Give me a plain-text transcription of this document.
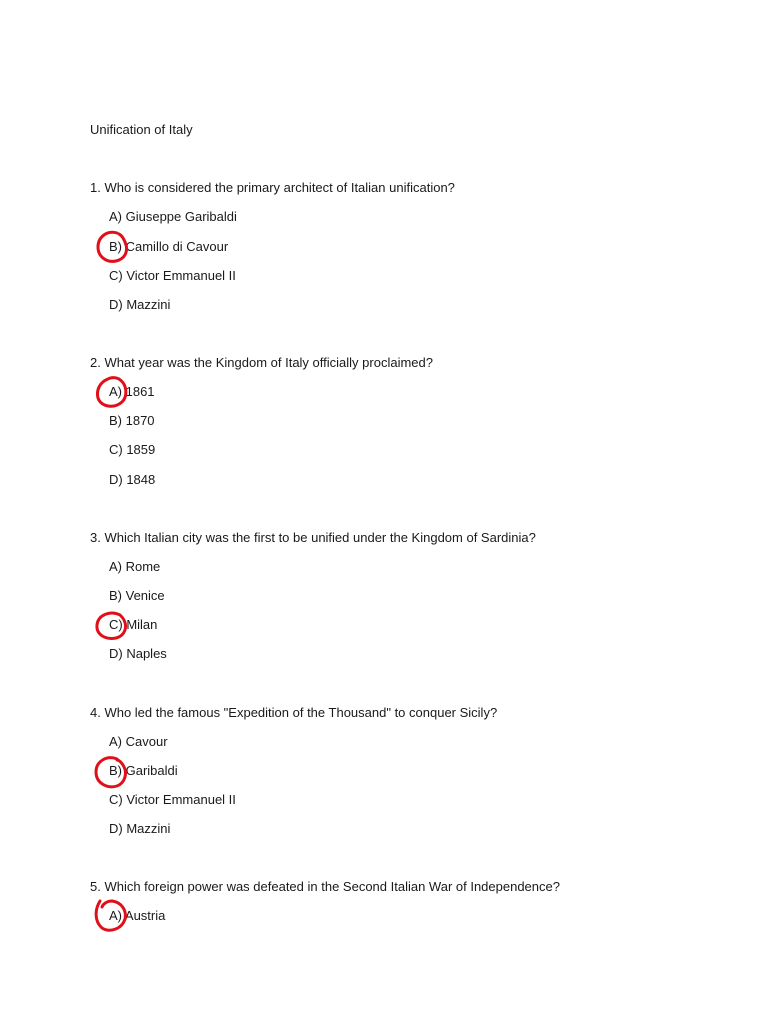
Unification of Italy
1. Who is considered the primary architect of Italian unification?
A) Giuseppe Garibaldi
B) Camillo di Cavour
C) Victor Emmanuel II
D) Mazzini
2. What year was the Kingdom of Italy officially proclaimed?
A) 1861
B) 1870
C) 1859
D) 1848
3. Which Italian city was the first to be unified under the Kingdom of Sardinia?
A) Rome
B) Venice
C) Milan
D) Naples
4. Who led the famous "Expedition of the Thousand" to conquer Sicily?
A) Cavour
B) Garibaldi
C) Victor Emmanuel II
D) Mazzini
5. Which foreign power was defeated in the Second Italian War of Independence?
A) Austria
